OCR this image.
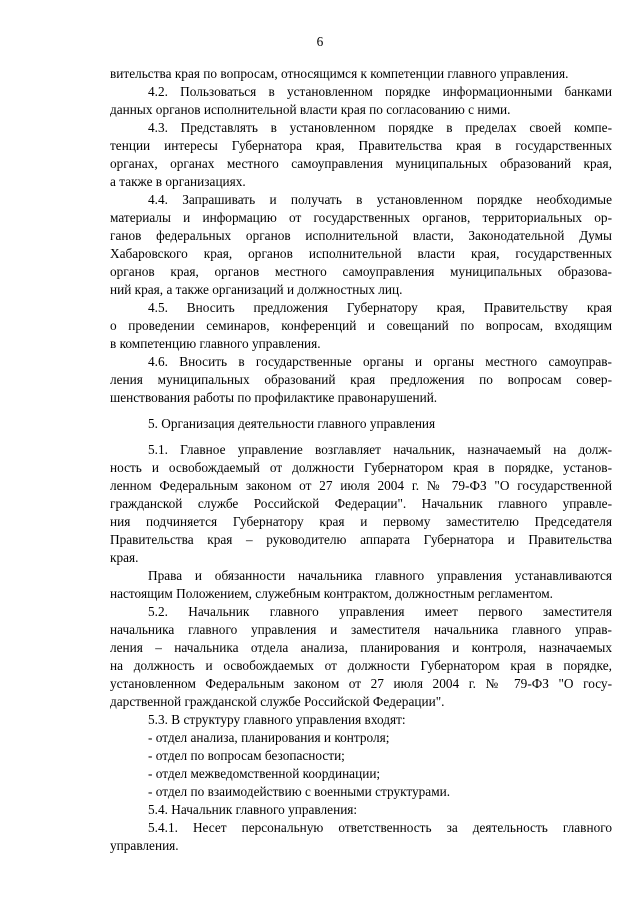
6
вительства края по вопросам, относящимся к компетенции главного управления.
4.2. Пользоваться в установленном порядке информационными банками
данных органов исполнительной власти края по согласованию с ними.
4.3. Представлять в установленном порядке в пределах своей компе-
тенции интересы Губернатора края, Правительства края в государственных
органах, органах местного самоуправления муниципальных образований края,
а также в организациях.
4.4. Запрашивать и получать в установленном порядке необходимые
материалы и информацию от государственных органов, территориальных ор-
ганов федеральных органов исполнительной власти, Законодательной Думы
Хабаровского края, органов исполнительной власти края, государственных
органов края, органов местного самоуправления муниципальных образова-
ний края, а также организаций и должностных лиц.
4.5. Вносить предложения Губернатору края, Правительству края
о проведении семинаров, конференций и совещаний по вопросам, входящим
в компетенцию главного управления.
4.6. Вносить в государственные органы и органы местного самоуправ-
ления муниципальных образований края предложения по вопросам совер-
шенствования работы по профилактике правонарушений.
5. Организация деятельности главного управления
5.1. Главное управление возглавляет начальник, назначаемый на долж-
ность и освобождаемый от должности Губернатором края в порядке, установ-
ленном Федеральным законом от 27 июля 2004 г. № 79-ФЗ "О государственной
гражданской службе Российской Федерации". Начальник главного управле-
ния подчиняется Губернатору края и первому заместителю Председателя
Правительства края – руководителю аппарата Губернатора и Правительства
края.
Права и обязанности начальника главного управления устанавливаются
настоящим Положением, служебным контрактом, должностным регламентом.
5.2. Начальник главного управления имеет первого заместителя
начальника главного управления и заместителя начальника главного управ-
ления – начальника отдела анализа, планирования и контроля, назначаемых
на должность и освобождаемых от должности Губернатором края в порядке,
установленном Федеральным законом от 27 июля 2004 г. № 79-ФЗ "О госу-
дарственной гражданской службе Российской Федерации".
5.3. В структуру главного управления входят:
- отдел анализа, планирования и контроля;
- отдел по вопросам безопасности;
- отдел межведомственной координации;
- отдел по взаимодействию с военными структурами.
5.4. Начальник главного управления:
5.4.1. Несет персональную ответственность за деятельность главного
управления.
